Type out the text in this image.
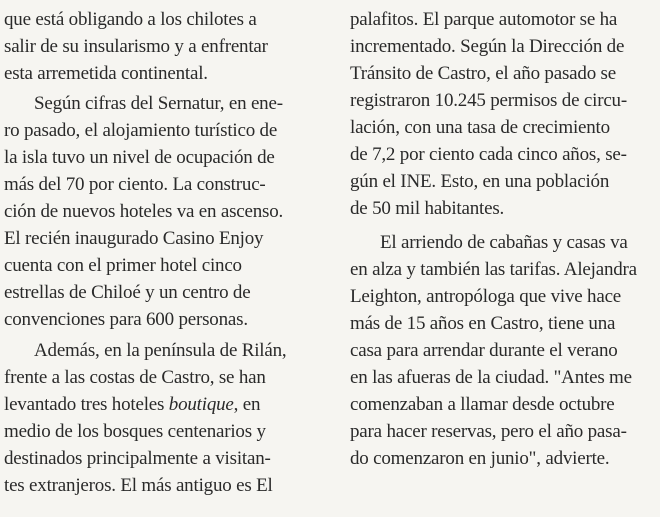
que está obligando a los chilotes a
salir de su insularismo y a enfrentar
esta arremetida continental.
Según cifras del Sernatur, en ene-
ro pasado, el alojamiento turístico de
la isla tuvo un nivel de ocupación de
más del 70 por ciento. La construc-
ción de nuevos hoteles va en ascenso.
El recién inaugurado Casino Enjoy
cuenta con el primer hotel cinco
estrellas de Chiloé y un centro de
convenciones para 600 personas.
Además, en la península de Rilán,
frente a las costas de Castro, se han
levantado tres hoteles boutique, en
medio de los bosques centenarios y
destinados principalmente a visitan-
tes extranjeros. El más antiguo es El
palafitos. El parque automotor se ha
incrementado. Según la Dirección de
Tránsito de Castro, el año pasado se
registraron 10.245 permisos de circu-
lación, con una tasa de crecimiento
de 7,2 por ciento cada cinco años, se-
gún el INE. Esto, en una población
de 50 mil habitantes.
El arriendo de cabañas y casas va
en alza y también las tarifas. Alejandra
Leighton, antropóloga que vive hace
más de 15 años en Castro, tiene una
casa para arrendar durante el verano
en las afueras de la ciudad. "Antes me
comenzaban a llamar desde octubre
para hacer reservas, pero el año pasa-
do comenzaron en junio", advierte.
